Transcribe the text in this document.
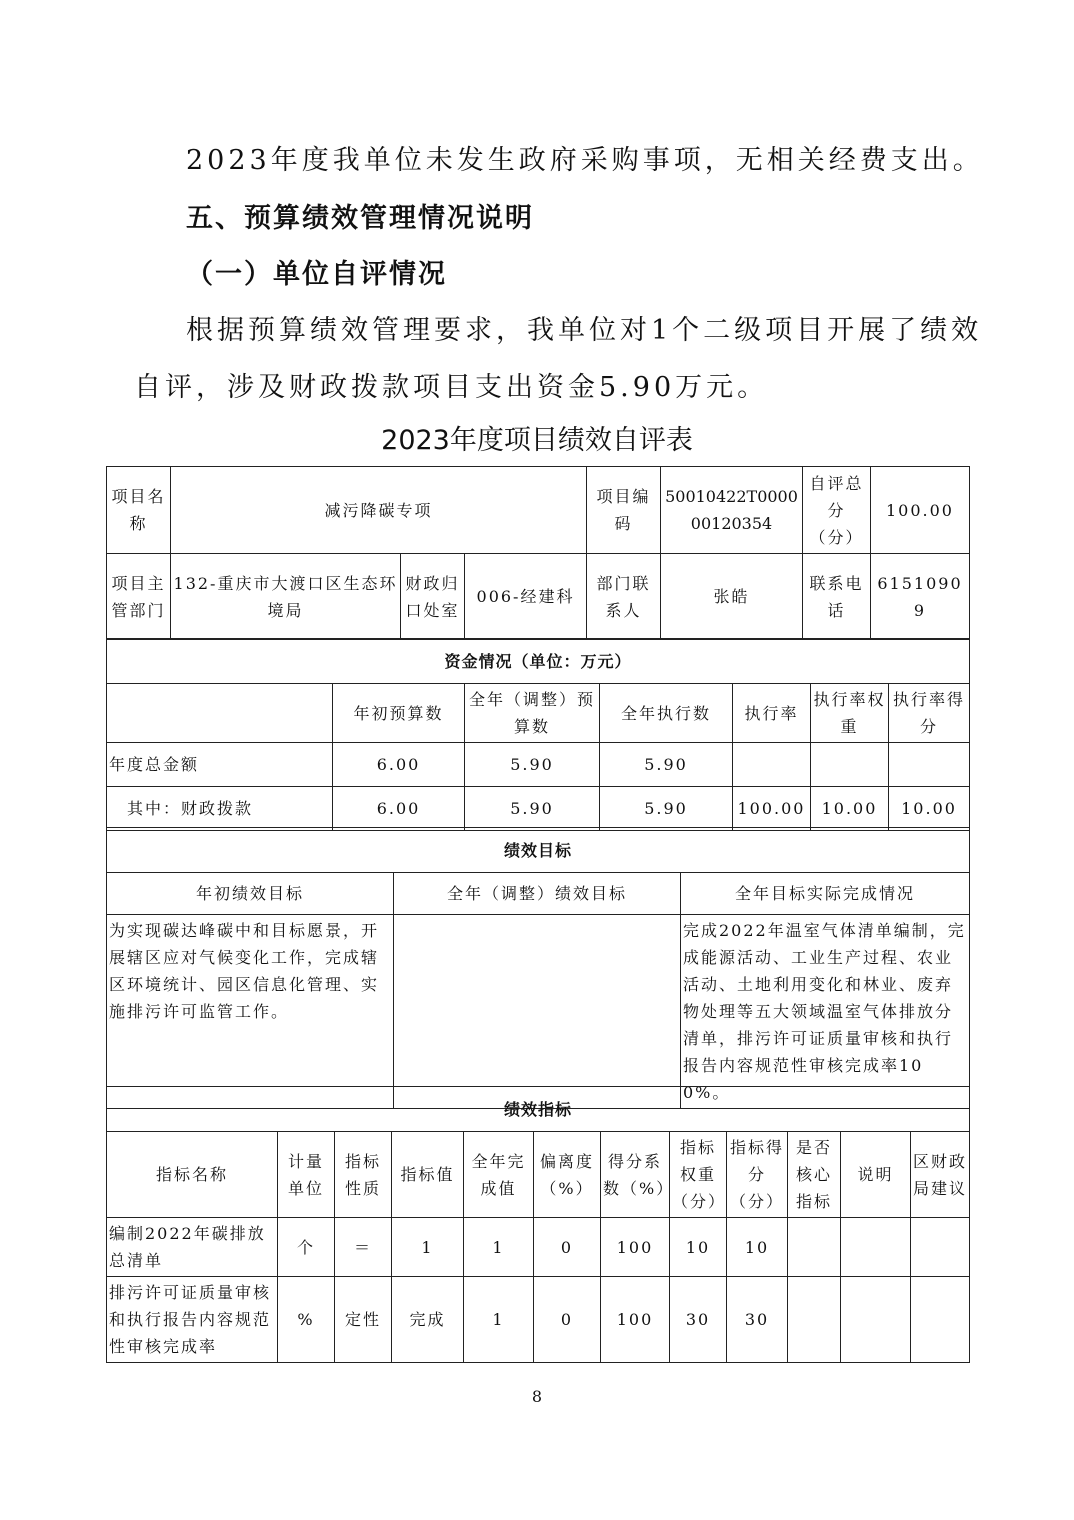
2023年度我单位未发生政府采购事项，无相关经费支出。
五、预算绩效管理情况说明
（一）单位自评情况
根据预算绩效管理要求，我单位对1个二级项目开展了绩效
自评，涉及财政拨款项目支出资金5.90万元。
2023年度项目绩效自评表
项目名称	减污降碳专项			项目编码	50010422T000000120354	自评总分（分）	100.00
项目主管部门	132-重庆市大渡口区生态环境局	财政归口处室	006-经建科	部门联系人	张皓	联系电话	61510909
资金情况（单位：万元）						
	年初预算数	全年（调整）预算数	全年执行数	执行率	执行率权重	执行率得分
年度总金额	6.00	5.90	5.90			
其中：财政拨款	6.00	5.90	5.90	100.00	10.00	10.00
绩效目标		
年初绩效目标	全年（调整）绩效目标	全年目标实际完成情况
为实现碳达峰碳中和目标愿景，开展辖区应对气候变化工作，完成辖区环境统计、园区信息化管理、实施排污许可监管工作。		完成2022年温室气体清单编制，完成能源活动、工业生产过程、农业活动、土地利用变化和林业、废弃物处理等五大领域温室气体排放分清单，排污许可证质量审核和执行报告内容规范性审核完成率100%。
绩效指标											
指标名称	计量单位	指标性质	指标值	全年完成值	偏离度（%）	得分系数（%）	指标权重（分）	指标得分（分）	是否核心指标	说明	区财政局建议
编制2022年碳排放总清单	个	＝	1	1	0	100	10	10			
排污许可证质量审核和执行报告内容规范性审核完成率	%	定性	完成	1	0	100	30	30			
8
